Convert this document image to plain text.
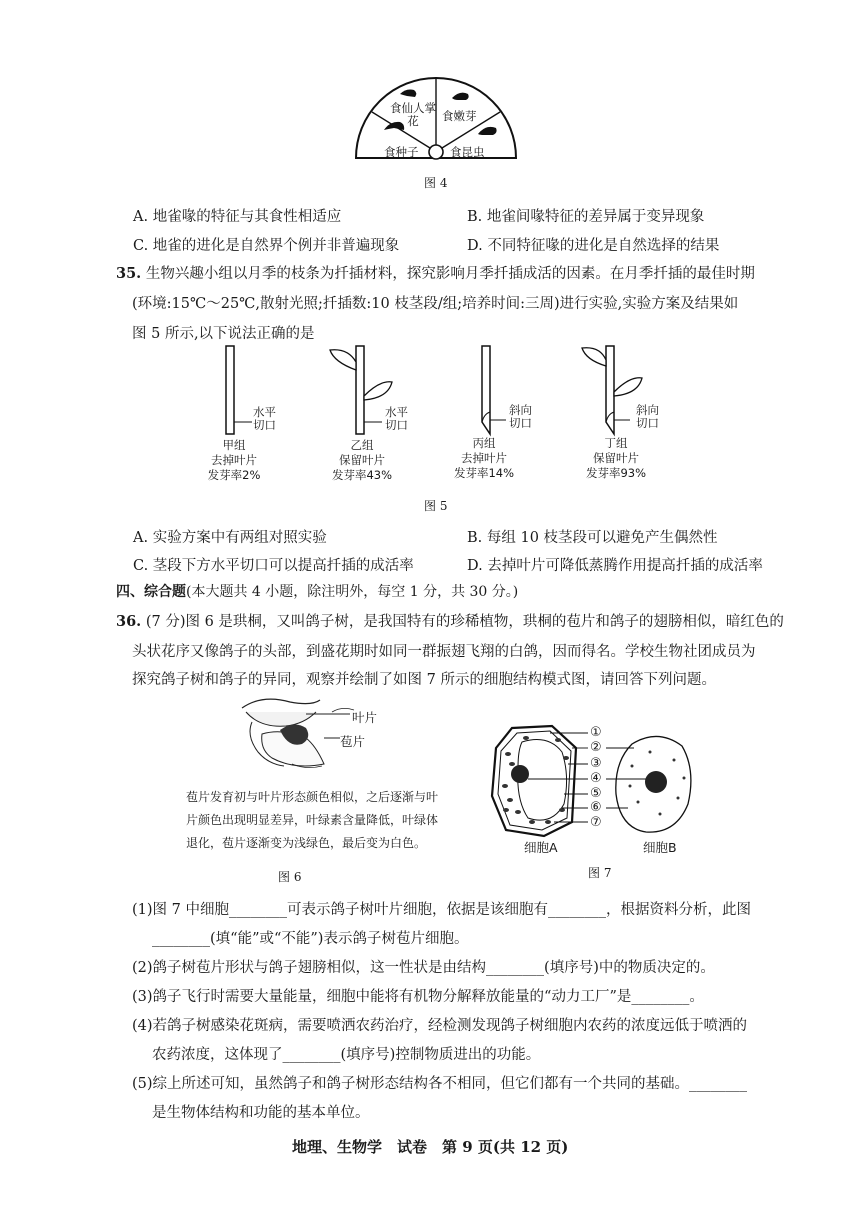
食仙人掌花	食嫩芽
食种子	食昆虫
图 4
A. 地雀喙的特征与其食性相适应	B. 地雀间喙特征的差异属于变异现象
C. 地雀的进化是自然界个例并非普遍现象	D. 不同特征喙的进化是自然选择的结果
35. 生物兴趣小组以月季的枝条为扦插材料，探究影响月季扦插成活的因素。在月季扦插的最佳时期
(环境:15℃～25℃,散射光照;扦插数:10 枝茎段/组;培养时间:三周)进行实验,实验方案及结果如
图 5 所示,以下说法正确的是
水平
切口
水平
切口
斜向
切口
斜向
切口
甲组
去掉叶片
发芽率2%
乙组
保留叶片
发芽率43%
丙组
去掉叶片
发芽率14%
丁组
保留叶片
发芽率93%
图 5
A. 实验方案中有两组对照实验	B. 每组 10 枝茎段可以避免产生偶然性
C. 茎段下方水平切口可以提高扦插的成活率	D. 去掉叶片可降低蒸腾作用提高扦插的成活率
四、综合题(本大题共 4 小题，除注明外，每空 1 分，共 30 分。)
36. (7 分)图 6 是珙桐，又叫鸽子树，是我国特有的珍稀植物，珙桐的苞片和鸽子的翅膀相似，暗红色的
头状花序又像鸽子的头部，到盛花期时如同一群振翅飞翔的白鸽，因而得名。学校生物社团成员为
探究鸽子树和鸽子的异同，观察并绘制了如图 7 所示的细胞结构模式图，请回答下列问题。
叶片
苞片
苞片发育初与叶片形态颜色相似，之后逐渐与叶
片颜色出现明显差异，叶绿素含量降低，叶绿体
退化，苞片逐渐变为浅绿色，最后变为白色。
图 6
①
②
③
④
⑤
⑥
⑦
细胞A	细胞B
图 7
(1)图 7 中细胞________可表示鸽子树叶片细胞，依据是该细胞有________，根据资料分析，此图
________(填“能”或“不能”)表示鸽子树苞片细胞。
(2)鸽子树苞片形状与鸽子翅膀相似，这一性状是由结构________(填序号)中的物质决定的。
(3)鸽子飞行时需要大量能量，细胞中能将有机物分解释放能量的“动力工厂”是________。
(4)若鸽子树感染花斑病，需要喷洒农药治疗，经检测发现鸽子树细胞内农药的浓度远低于喷洒的
农药浓度，这体现了________(填序号)控制物质进出的功能。
(5)综上所述可知，虽然鸽子和鸽子树形态结构各不相同，但它们都有一个共同的基础。________
是生物体结构和功能的基本单位。
地理、生物学　试卷　第 9 页(共 12 页)
